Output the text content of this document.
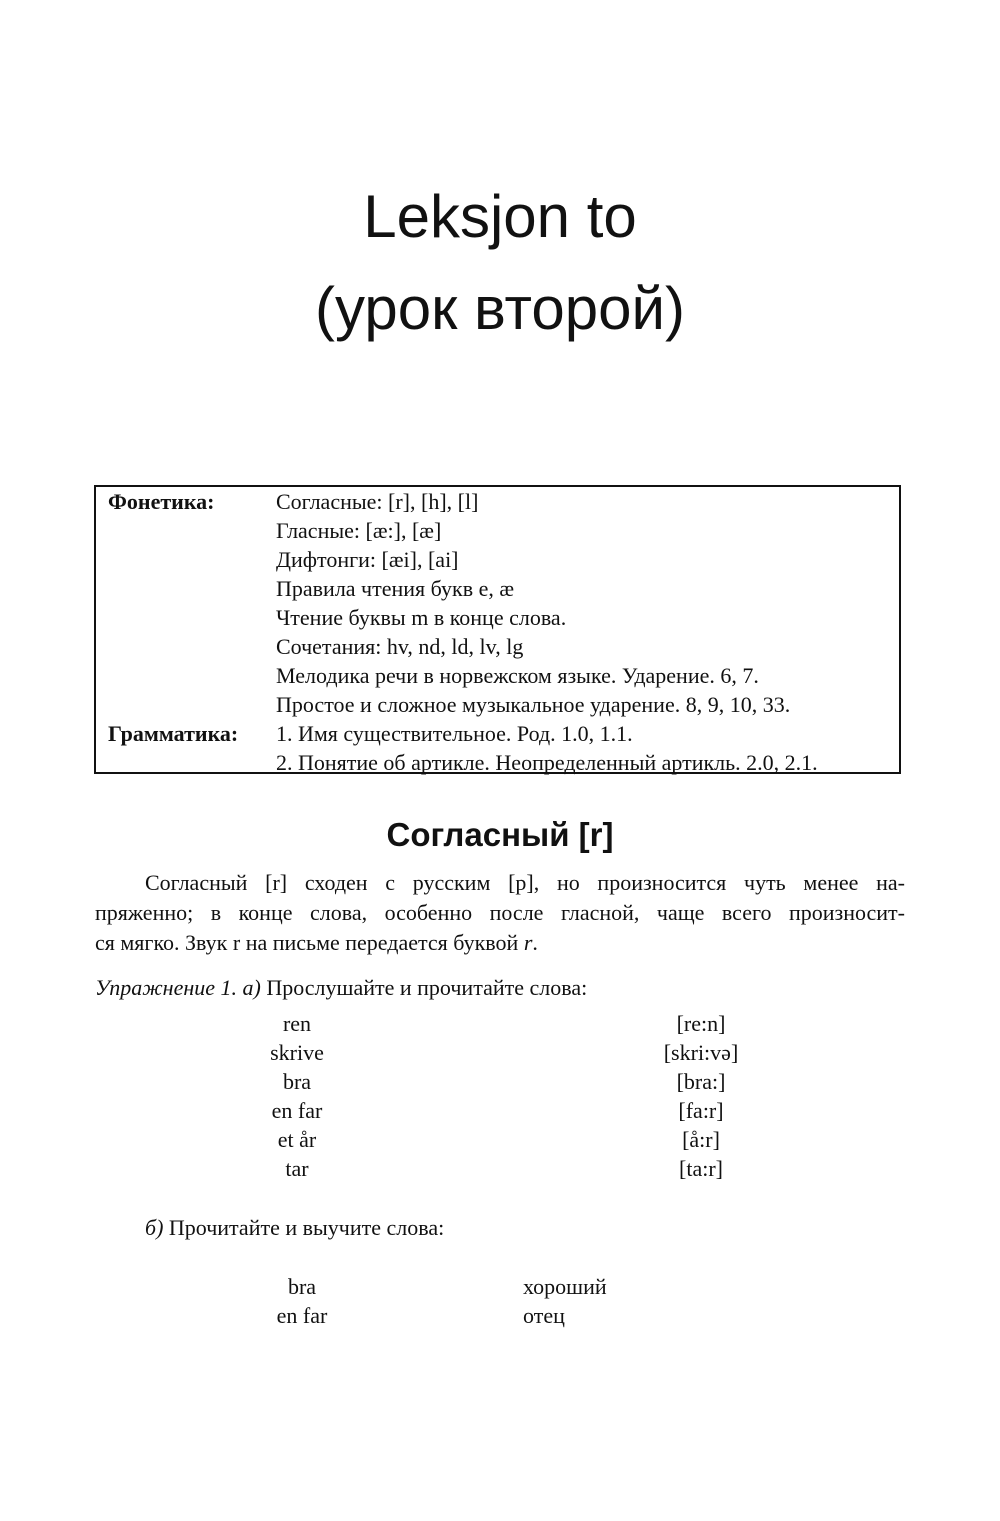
Leksjon to
(урок второй)
Фонетика:	Согласные: [r], [h], [l]
Гласные: [æ:], [æ]
Дифтонги: [æi], [ai]
Правила чтения букв e, æ
Чтение буквы m в конце слова.
Сочетания: hv, nd, ld, lv, lg
Мелодика речи в норвежском языке. Ударение. 6, 7.
Простое и сложное музыкальное ударение. 8, 9, 10, 33.
Грамматика: 1. Имя существительное. Род. 1.0, 1.1.
2. Понятие об артикле. Неопределенный артикль. 2.0, 2.1.
Согласный [r]
Согласный [r] сходен с русским [р], но произносится чуть менее на-
пряженно; в конце слова, особенно после гласной, чаще всего произносит-
ся мягко. Звук r на письме передается буквой r.
Упражнение 1. а) Прослушайте и прочитайте слова:
ren	[re:n]
skrive	[skri:və]
bra	[bra:]
en far	[fa:r]
et år	[å:r]
tar	[ta:r]
б) Прочитайте и выучите слова:
bra	хороший
en far	отец
